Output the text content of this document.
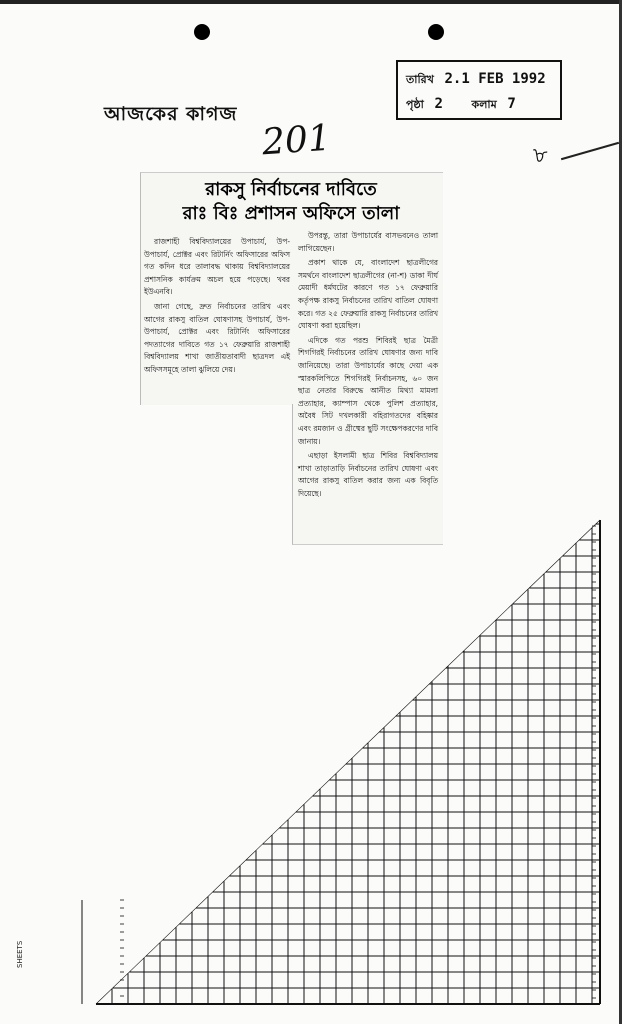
আজকের কাগজ
তারিখ 2.1 FEB 1992
পৃষ্ঠা 2	কলাম 7
201	৮
রাকসু নির্বাচনের দাবিতে
রাঃ বিঃ প্রশাসন অফিসে তালা

রাজশাহী বিশ্ববিদ্যালয়ের উপাচার্য, উপ-উপাচার্য, প্রোক্টর এবং রিটার্নিং অফিসারের অফিস গত কদিন ধরে তালাবদ্ধ থাকায় বিশ্ববিদ্যালয়ের প্রশাসনিক কার্যক্রম অচল হয়ে পড়েছে। খবর ইউএনবি।

জানা গেছে, দ্রুত নির্বাচনের তারিখ এবং আগের রাকসু বাতিল ঘোষণাসহ উপাচার্য, উপ-উপাচার্য, প্রোক্টর এবং রিটার্নিং অফিসারের পদত্যাগের দাবিতে গত ১৭ ফেব্রুয়ারি রাজশাহী বিশ্ববিদ্যালয় শাখা জাতীয়তাবাদী ছাত্রদল এই অফিসসমূহে তালা ঝুলিয়ে দেয়।

উপরন্তু, তারা উপাচার্যের বাসভবনেও তালা লাগিয়েছেন।

প্রকাশ থাকে যে, বাংলাদেশ ছাত্রলীগের সমর্থনে বাংলাদেশ ছাত্রলীগের (না-শ) ডাকা দীর্ঘ মেয়াদী ধর্মঘটের কারণে গত ১৭ ফেব্রুয়ারি কর্তৃপক্ষ রাকসু নির্বাচনের তারিখ বাতিল ঘোষণা করে। গত ২৫ ফেব্রুয়ারি রাকসু নির্বাচনের তারিখ ঘোষণা করা হয়েছিল।

এদিকে গত পরশু শিবিরই ছাত্র মৈত্রী শিগগিরই নির্বাচনের তারিখ ঘোষণার জন্য দাবি জানিয়েছে। তারা উপাচার্যের কাছে দেয়া এক স্মারকলিপিতে শিগগিরই নির্বাচনসহ, ৬০ জন ছাত্র নেতার বিরুদ্ধে আনীত মিথ্যা মামলা প্রত্যাহার, ক্যাম্পাস থেকে পুলিশ প্রত্যাহার, অবৈধ সিট দখলকারী বহিরাগতদের বহিষ্কার এবং রমজান ও গ্রীষ্মের ছুটি সংক্ষেপকরণের দাবি জানায়।

এছাড়া ইসলামী ছাত্র শিবির বিশ্ববিদ্যালয় শাখা তাড়াতাড়ি নির্বাচনের তারিখ ঘোষণা এবং আগের রাকসু বাতিল করার জন্য এক বিবৃতি দিয়েছে।

SHEETS
